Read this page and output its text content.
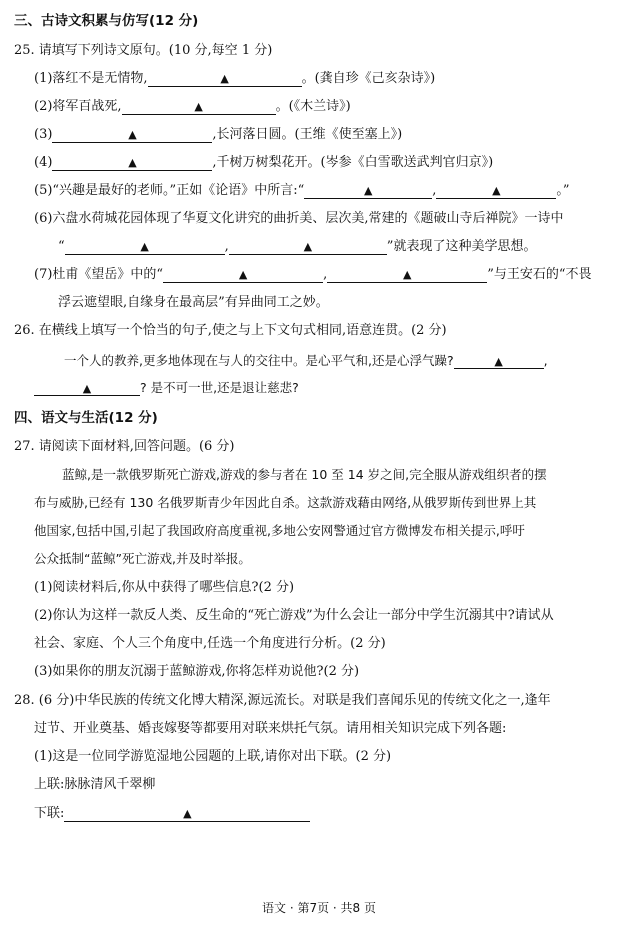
三、古诗文积累与仿写(12 分)
25. 请填写下列诗文原句。(10 分,每空 1 分)
(1)落红不是无情物,	▲	。(龚自珍《己亥杂诗》)
(2)将军百战死,	▲	。(《木兰诗》)
(3)	▲	,长河落日圆。(王维《使至塞上》)
(4)	▲	,千树万树梨花开。(岑参《白雪歌送武判官归京》)
(5)“兴趣是最好的老师。”正如《论语》中所言:“	▲	,	▲	。”
(6)六盘水荷城花园体现了华夏文化讲究的曲折美、层次美,常建的《题破山寺后禅院》一诗中
“	▲	,	▲	”就表现了这种美学思想。
(7)杜甫《望岳》中的“	▲	,	▲	”与王安石的“不畏
浮云遮望眼,自缘身在最高层”有异曲同工之妙。
26. 在横线上填写一个恰当的句子,使之与上下文句式相同,语意连贯。(2 分)
一个人的教养,更多地体现在与人的交往中。是心平气和,还是心浮气躁?	▲	,
▲	? 是不可一世,还是退让慈悲?
四、语文与生活(12 分)
27. 请阅读下面材料,回答问题。(6 分)
蓝鲸,是一款俄罗斯死亡游戏,游戏的参与者在 10 至 14 岁之间,完全服从游戏组织者的摆
布与威胁,已经有 130 名俄罗斯青少年因此自杀。这款游戏藉由网络,从俄罗斯传到世界上其
他国家,包括中国,引起了我国政府高度重视,多地公安网警通过官方微博发布相关提示,呼吁
公众抵制“蓝鲸”死亡游戏,并及时举报。
(1)阅读材料后,你从中获得了哪些信息?(2 分)
(2)你认为这样一款反人类、反生命的“死亡游戏”为什么会让一部分中学生沉溺其中?请试从
社会、家庭、个人三个角度中,任选一个角度进行分析。(2 分)
(3)如果你的朋友沉溺于蓝鲸游戏,你将怎样劝说他?(2 分)
28. (6 分)中华民族的传统文化博大精深,源远流长。对联是我们喜闻乐见的传统文化之一,逢年
过节、开业奠基、婚丧嫁娶等都要用对联来烘托气氛。请用相关知识完成下列各题:
(1)这是一位同学游览湿地公园题的上联,请你对出下联。(2 分)
上联:脉脉清风千翠柳
下联:	▲
语文 · 第7页 · 共8 页
